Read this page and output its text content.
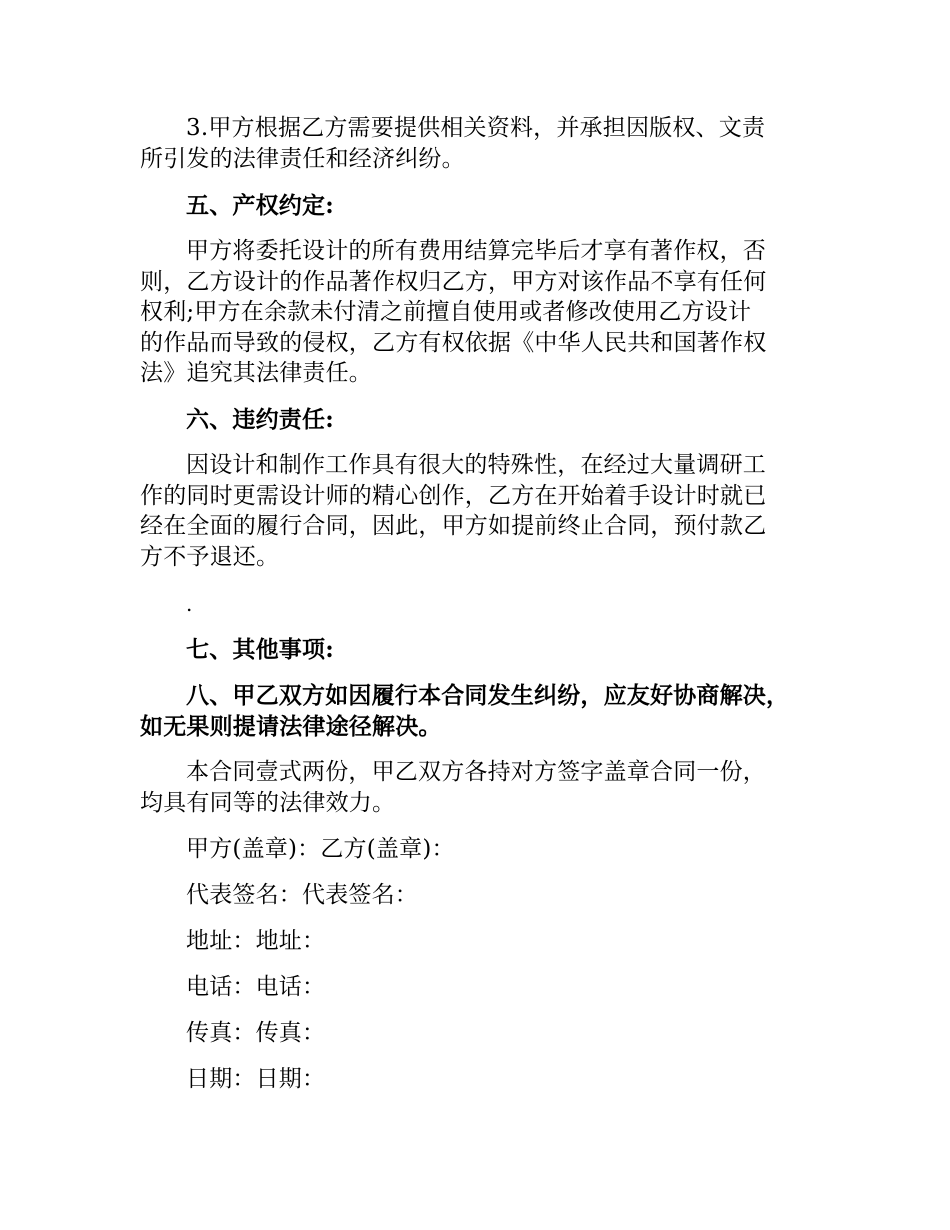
3.甲方根据乙方需要提供相关资料，并承担因版权、文责
所引发的法律责任和经济纠纷。

五、产权约定:

甲方将委托设计的所有费用结算完毕后才享有著作权，否
则，乙方设计的作品著作权归乙方，甲方对该作品不享有任何
权利;甲方在余款未付清之前擅自使用或者修改使用乙方设计
的作品而导致的侵权，乙方有权依据《中华人民共和国著作权
法》追究其法律责任。

六、违约责任:

因设计和制作工作具有很大的特殊性，在经过大量调研工
作的同时更需设计师的精心创作，乙方在开始着手设计时就已
经在全面的履行合同，因此，甲方如提前终止合同，预付款乙
方不予退还。

.

七、其他事项:

八、甲乙双方如因履行本合同发生纠纷，应友好协商解决，
如无果则提请法律途径解决。

本合同壹式两份，甲乙双方各持对方签字盖章合同一份，
均具有同等的法律效力。

甲方(盖章)：乙方(盖章)：

代表签名：代表签名：

地址：地址：

电话：电话：

传真：传真：

日期：日期：
